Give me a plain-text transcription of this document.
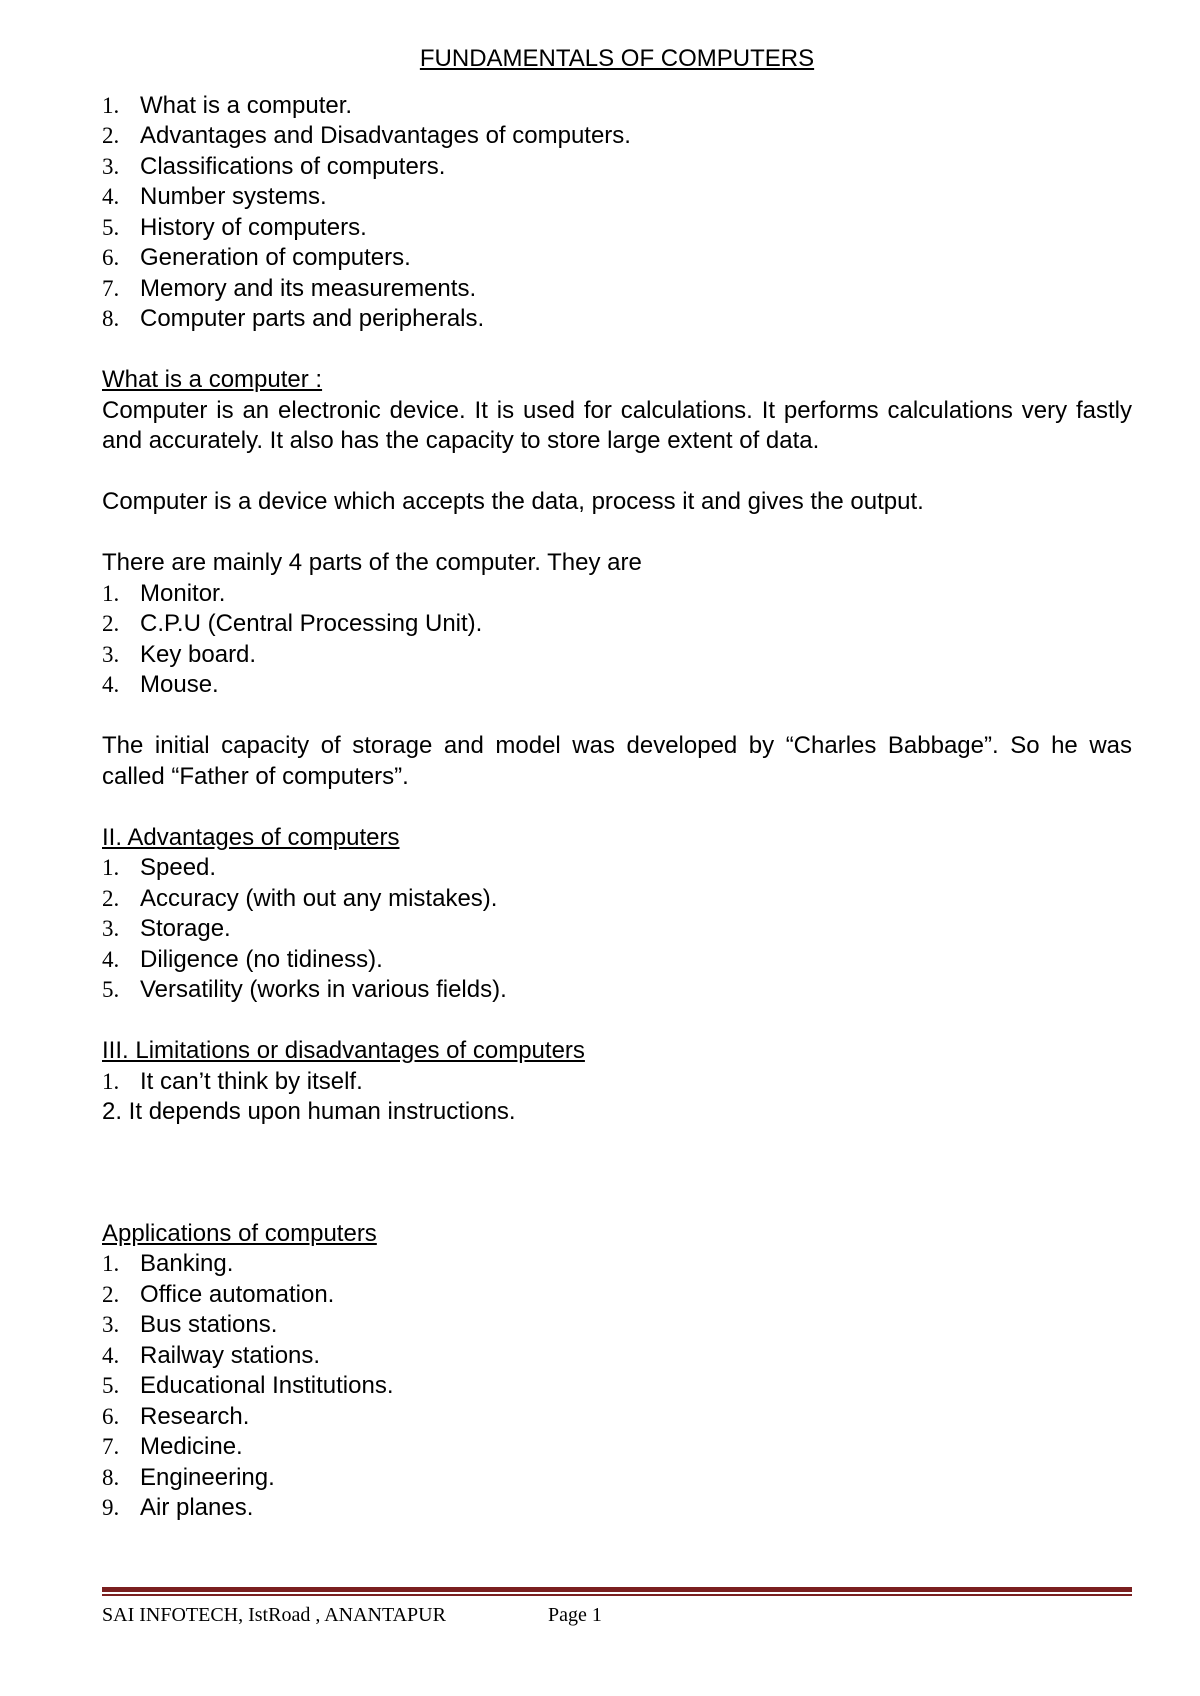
FUNDAMENTALS OF COMPUTERS
1. What is a computer.
2. Advantages and Disadvantages of computers.
3. Classifications of computers.
4. Number systems.
5. History of computers.
6. Generation of computers.
7. Memory and its measurements.
8. Computer parts and peripherals.
What is a computer :
Computer is an electronic device. It is used for calculations. It performs calculations very fastly and accurately. It also has the capacity to store large extent of data.
Computer is a device which accepts the data, process it and gives the output.
There are mainly 4 parts of the computer. They are
1. Monitor.
2. C.P.U (Central Processing Unit).
3. Key board.
4. Mouse.
The initial capacity of storage and model was developed by “Charles Babbage”. So he was called “Father of computers”.
II. Advantages of computers
1. Speed.
2. Accuracy (with out any mistakes).
3. Storage.
4. Diligence (no tidiness).
5. Versatility (works in various fields).
III. Limitations or disadvantages of computers
1. It can’t think by itself.
2. It depends upon human instructions.
Applications of computers
1. Banking.
2. Office automation.
3. Bus stations.
4. Railway stations.
5. Educational Institutions.
6. Research.
7. Medicine.
8. Engineering.
9. Air planes.
SAI INFOTECH, IstRoad , ANANTAPUR	Page 1
